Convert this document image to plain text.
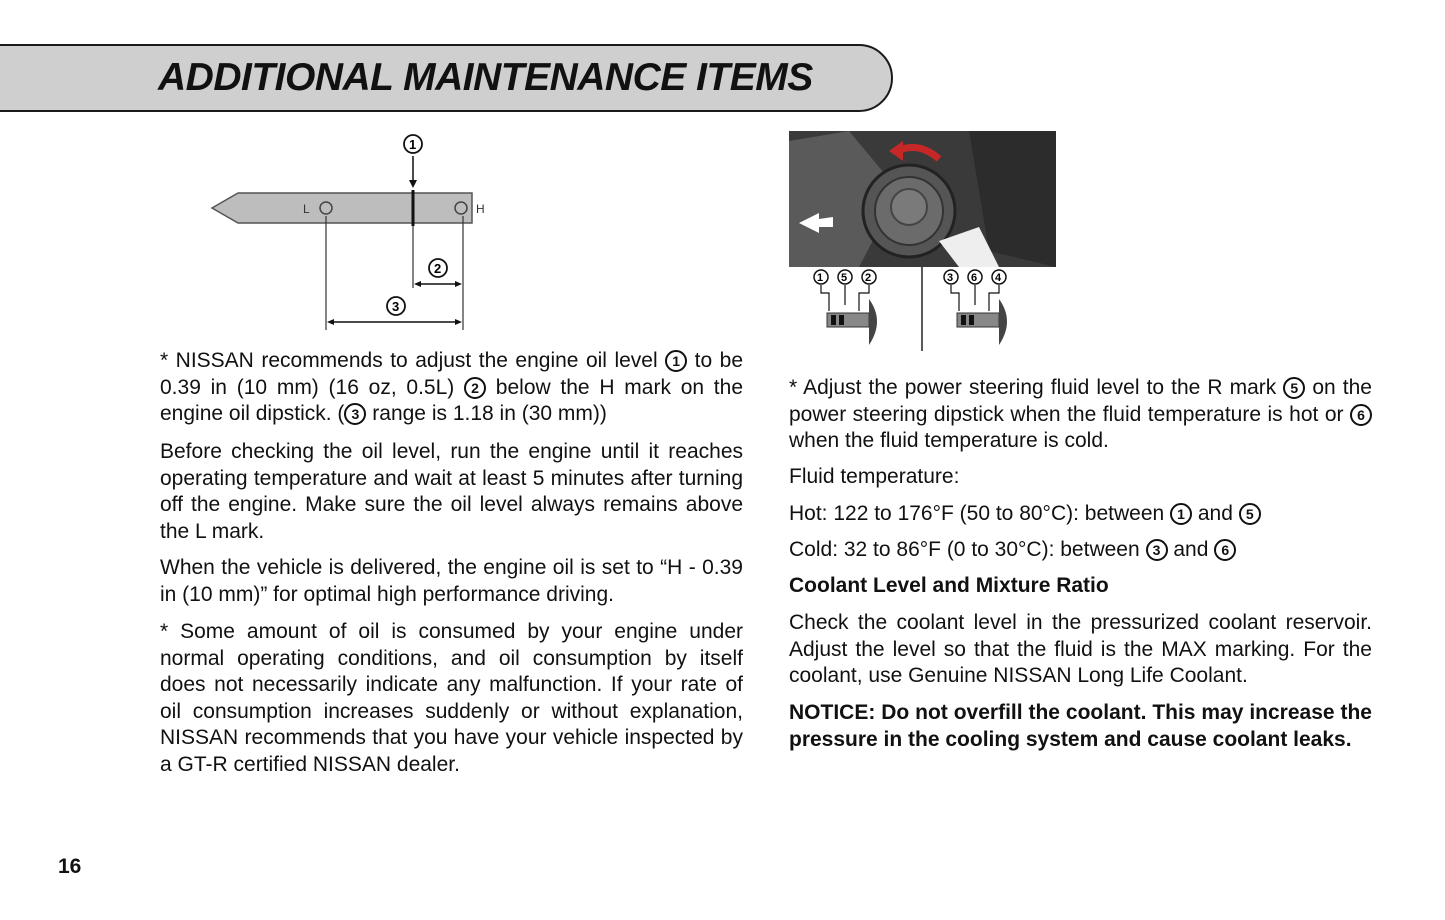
ADDITIONAL MAINTENANCE ITEMS
L	H
1
2
3
1 5 2	3 6 4

* NISSAN recommends to adjust the engine oil level 1 to be 0.39 in (10 mm) (16 oz, 0.5L) 2 below the H mark on the engine oil dipstick. ( 3 range is 1.18 in (30 mm))

Before checking the oil level, run the engine until it reaches operating temperature and wait at least 5 minutes after turning off the engine. Make sure the oil level always remains above the L mark.

When the vehicle is delivered, the engine oil is set to “H - 0.39 in (10 mm)” for optimal high performance driving.

* Some amount of oil is consumed by your engine under normal operating conditions, and oil consumption by itself does not necessarily indicate any malfunction. If your rate of oil consumption increases suddenly or without explanation, NISSAN recommends that you have your vehicle inspected by a GT-R certified NISSAN dealer.

* Adjust the power steering fluid level to the R mark 5 on the power steering dipstick when the fluid temperature is hot or 6 when the fluid temperature is cold.

Fluid temperature:
Hot: 122 to 176°F (50 to 80°C): between 1 and 5
Cold: 32 to 86°F (0 to 30°C): between 3 and 6
Coolant Level and Mixture Ratio

Check the coolant level in the pressurized coolant reservoir. Adjust the level so that the fluid is the MAX marking. For the coolant, use Genuine NISSAN Long Life Coolant.

NOTICE: Do not overfill the coolant. This may increase the pressure in the cooling system and cause coolant leaks.

16
